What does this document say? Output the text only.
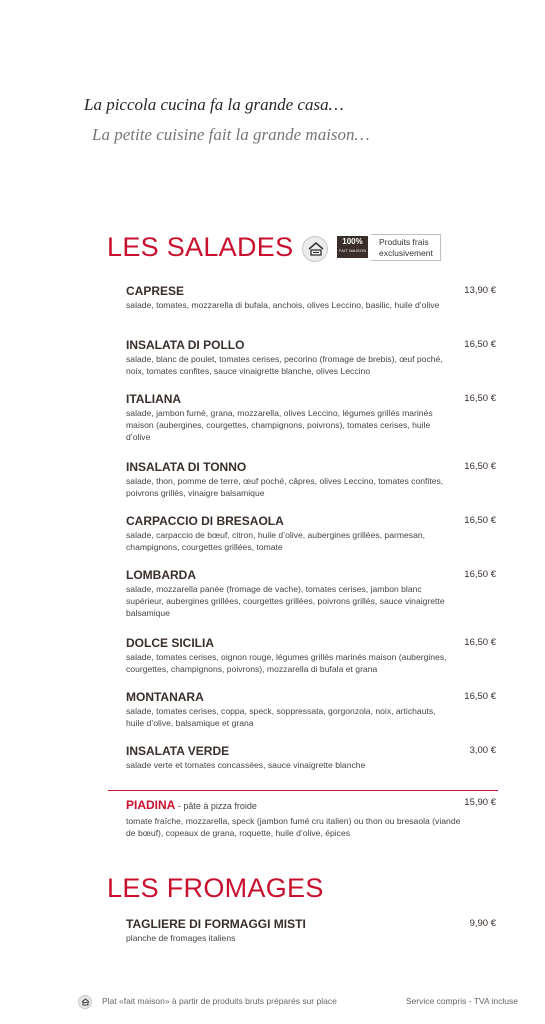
La piccola cucina fa la grande casa…
La petite cuisine fait la grande maison…
LES SALADES	100%
FAIT MAISON
Produits frais
exclusivement
CAPRESE	13,90 €
salade, tomates, mozzarella di bufala, anchois, olives Leccino, basilic, huile d’olive
INSALATA DI POLLO	16,50 €
salade, blanc de poulet, tomates cerises, pecorino (fromage de brebis), œuf poché, noix, tomates confites, sauce vinaigrette blanche, olives Leccino
ITALIANA	16,50 €
salade, jambon fumé, grana, mozzarella, olives Leccino, légumes grillés marinés maison (aubergines, courgettes, champignons, poivrons), tomates cerises, huile d’olive
INSALATA DI TONNO	16,50 €
salade, thon, pomme de terre, œuf poché, câpres, olives Leccino, tomates confites, poivrons grillés, vinaigre balsamique
CARPACCIO DI BRESAOLA	16,50 €
salade, carpaccio de bœuf, citron, huile d’olive, aubergines grillées, parmesan, champignons, courgettes grillées, tomate
LOMBARDA	16,50 €
salade, mozzarella panée (fromage de vache), tomates cerises, jambon blanc supérieur, aubergines grillées, courgettes grillées, poivrons grillés, sauce vinaigrette balsamique
DOLCE SICILIA	16,50 €
salade, tomates cerises, oignon rouge, légumes grillés marinés maison (aubergines, courgettes, champignons, poivrons), mozzarella di bufala et grana
MONTANARA	16,50 €
salade, tomates cerises, coppa, speck, soppressata, gorgonzola, noix, artichauts, huile d’olive, balsamique et grana
INSALATA VERDE	3,00 €
salade verte et tomates concassées, sauce vinaigrette blanche
PIADINA - pâte à pizza froide	15,90 €
tomate fraîche, mozzarella, speck (jambon fumé cru italien) ou thon ou bresaola (viande de bœuf), copeaux de grana, roquette, huile d’olive, épices
LES FROMAGES
TAGLIERE DI FORMAGGI MISTI	9,90 €
planche de fromages italiens
Plat «fait maison» à partir de produits bruts préparés sur place	Service compris - TVA incluse
